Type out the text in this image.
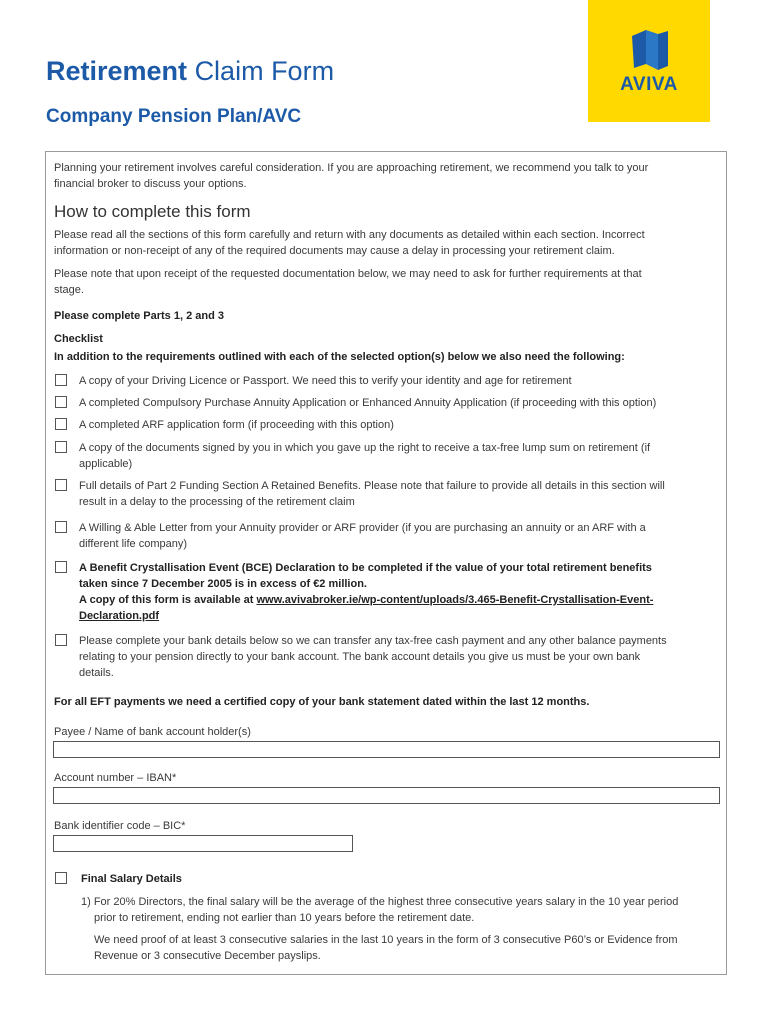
Retirement Claim Form
Company Pension Plan/AVC
AVIVA
Planning your retirement involves careful consideration. If you are approaching retirement, we recommend you talk to your
financial broker to discuss your options.
How to complete this form
Please read all the sections of this form carefully and return with any documents as detailed within each section. Incorrect
information or non-receipt of any of the required documents may cause a delay in processing your retirement claim.
Please note that upon receipt of the requested documentation below, we may need to ask for further requirements at that
stage.
Please complete Parts 1, 2 and 3
Checklist
In addition to the requirements outlined with each of the selected option(s) below we also need the following:
A copy of your Driving Licence or Passport. We need this to verify your identity and age for retirement
A completed Compulsory Purchase Annuity Application or Enhanced Annuity Application (if proceeding with this option)
A completed ARF application form (if proceeding with this option)
A copy of the documents signed by you in which you gave up the right to receive a tax-free lump sum on retirement (if
applicable)
Full details of Part 2 Funding Section A Retained Benefits. Please note that failure to provide all details in this section will
result in a delay to the processing of the retirement claim
A Willing & Able Letter from your Annuity provider or ARF provider (if you are purchasing an annuity or an ARF with a
different life company)
A Benefit Crystallisation Event (BCE) Declaration to be completed if the value of your total retirement benefits
taken since 7 December 2005 is in excess of €2 million.
A copy of this form is available at www.avivabroker.ie/wp-content/uploads/3.465-Benefit-Crystallisation-Event-
Declaration.pdf
Please complete your bank details below so we can transfer any tax-free cash payment and any other balance payments
relating to your pension directly to your bank account. The bank account details you give us must be your own bank
details.
For all EFT payments we need a certified copy of your bank statement dated within the last 12 months.
Payee / Name of bank account holder(s)
Account number – IBAN*
Bank identifier code – BIC*
Final Salary Details
1) For 20% Directors, the final salary will be the average of the highest three consecutive years salary in the 10 year period
prior to retirement, ending not earlier than 10 years before the retirement date.
We need proof of at least 3 consecutive salaries in the last 10 years in the form of 3 consecutive P60’s or Evidence from
Revenue or 3 consecutive December payslips.
